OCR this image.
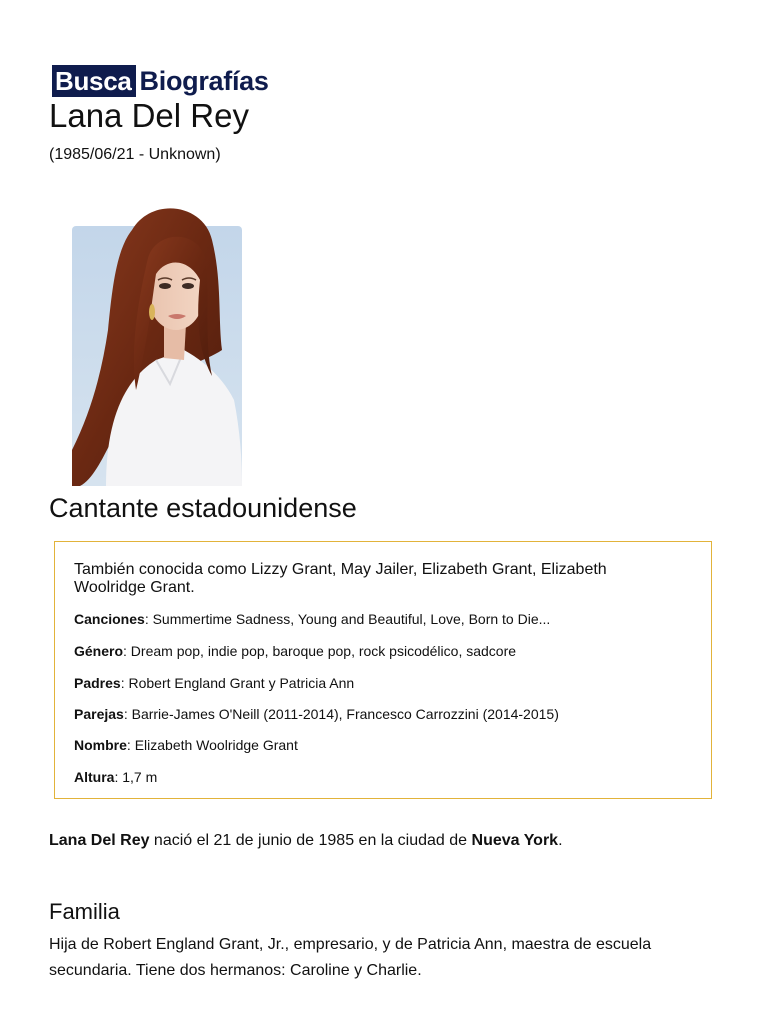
Busca Biografías
Lana Del Rey
(1985/06/21 - Unknown)
Cantante estadounidense
También conocida como Lizzy Grant, May Jailer, Elizabeth Grant, Elizabeth Woolridge Grant.
Canciones: Summertime Sadness, Young and Beautiful, Love, Born to Die...
Género: Dream pop, indie pop, baroque pop, rock psicodélico, sadcore
Padres: Robert England Grant y Patricia Ann
Parejas: Barrie-James O'Neill (2011-2014), Francesco Carrozzini (2014-2015)
Nombre: Elizabeth Woolridge Grant
Altura: 1,7 m

Lana Del Rey nació el 21 de junio de 1985 en la ciudad de Nueva York.

Familia

Hija de Robert England Grant, Jr., empresario, y de Patricia Ann, maestra de escuela secundaria. Tiene dos hermanos: Caroline y Charlie.
